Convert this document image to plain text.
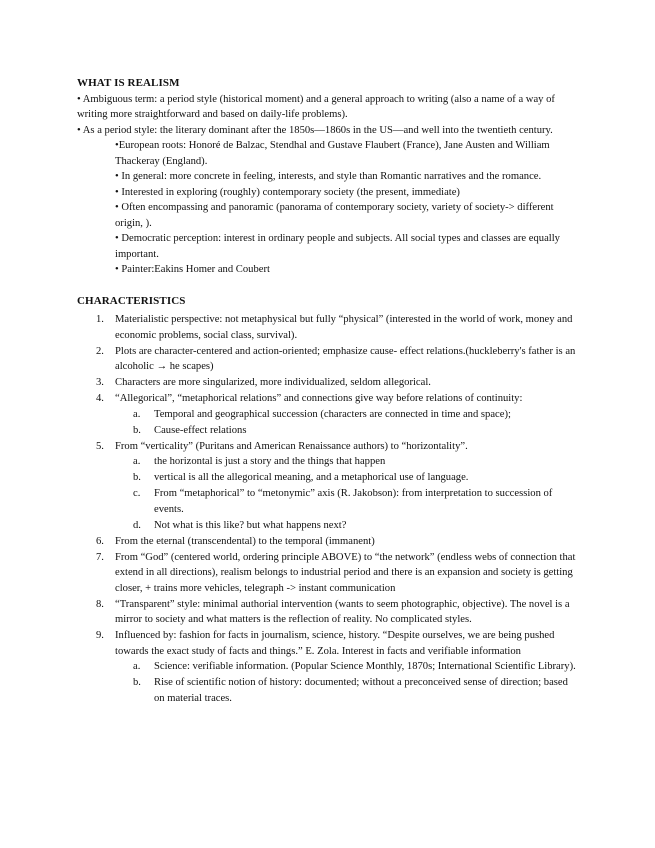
WHAT IS REALISM
• Ambiguous term: a period style (historical moment) and a general approach to writing (also a name of a way of writing more straightforward and based on daily-life problems).
• As a period style: the literary dominant after the 1850s—1860s in the US—and well into the twentieth century.
•European roots: Honoré de Balzac, Stendhal and Gustave Flaubert (France), Jane Austen and William Thackeray (England).
• In general: more concrete in feeling, interests, and style than Romantic narratives and the romance.
• Interested in exploring (roughly) contemporary society (the present, immediate)
• Often encompassing and panoramic (panorama of contemporary society, variety of society-> different origin, ).
• Democratic perception: interest in ordinary people and subjects. All social types and classes are equally important.
• Painter:Eakins Homer and Coubert
CHARACTERISTICS
1. Materialistic perspective: not metaphysical but fully “physical” (interested in the world of work, money and economic problems, social class, survival).
2. Plots are character-centered and action-oriented; emphasize cause- effect relations.(huckleberry's father is an alcoholic → he scapes)
3. Characters are more singularized, more individualized, seldom allegorical.
4. “Allegorical”, “metaphorical relations” and connections give way before relations of continuity:
a. Temporal and geographical succession (characters are connected in time and space);
b. Cause-effect relations
5. From “verticality” (Puritans and American Renaissance authors) to “horizontality”.
a. the horizontal is just a story and the things that happen
b. vertical is all the allegorical meaning, and a metaphorical use of language.
c. From “metaphorical” to “metonymic” axis (R. Jakobson): from interpretation to succession of events.
d. Not what is this like? but what happens next?
6. From the eternal (transcendental) to the temporal (immanent)
7. From “God” (centered world, ordering principle ABOVE) to “the network” (endless webs of connection that extend in all directions), realism belongs to industrial period and there is an expansion and society is getting closer, + trains more vehicles, telegraph -> instant communication
8. “Transparent” style: minimal authorial intervention (wants to seem photographic, objective). The novel is a mirror to society and what matters is the reflection of reality. No complicated styles.
9. Influenced by: fashion for facts in journalism, science, history. “Despite ourselves, we are being pushed towards the exact study of facts and things.” E. Zola. Interest in facts and verifiable information
a. Science: verifiable information. (Popular Science Monthly, 1870s; International Scientific Library).
b. Rise of scientific notion of history: documented; without a preconceived sense of direction; based on material traces.
